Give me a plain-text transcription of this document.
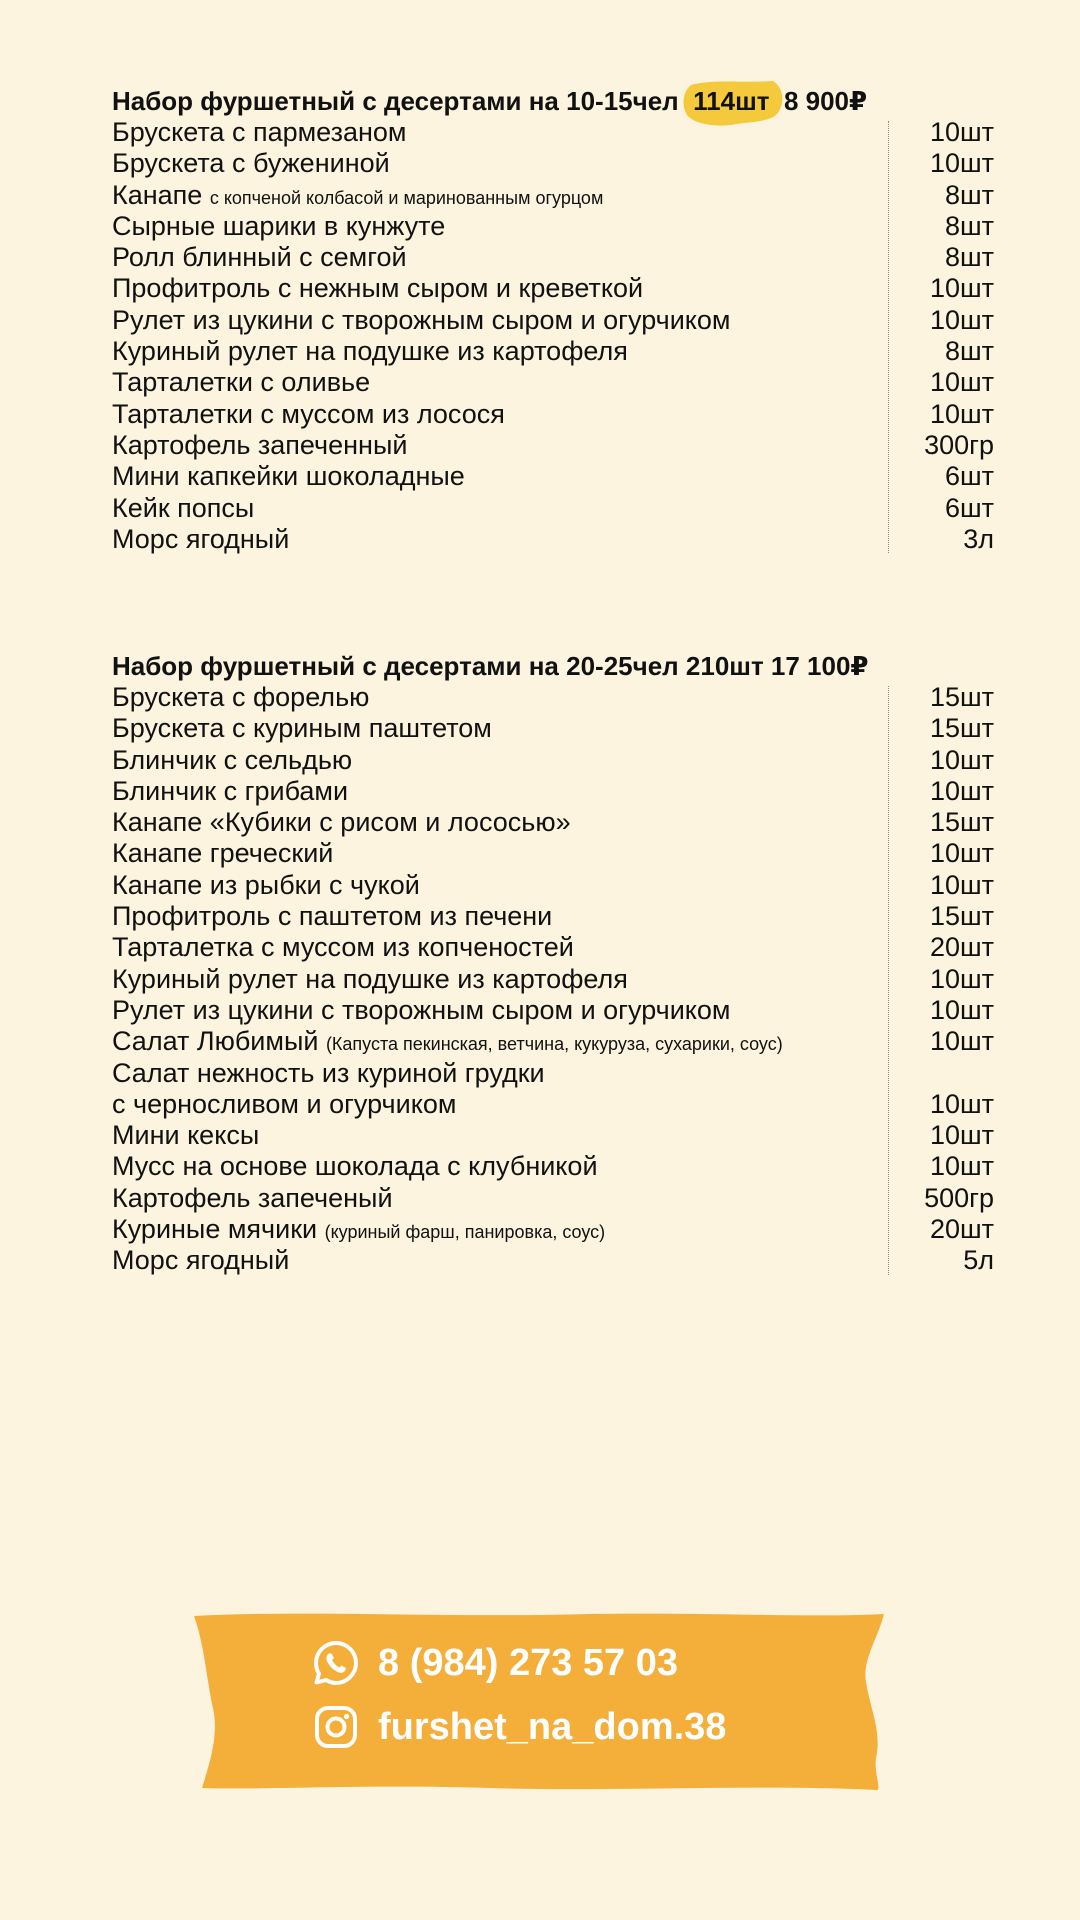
Набор фуршетный с десертами на 10-15чел 114шт 8 900₽
Брускета с пармезаном	10шт
Брускета с бужениной	10шт
Канапе с копченой колбасой и маринованным огурцом	8шт
Сырные шарики в кунжуте	8шт
Ролл блинный с семгой	8шт
Профитроль с нежным сыром и креветкой	10шт
Рулет из цукини с творожным сыром и огурчиком	10шт
Куриный рулет на подушке из картофеля	8шт
Тарталетки с оливье	10шт
Тарталетки с муссом из лосося	10шт
Картофель запеченный	300гр
Мини капкейки шоколадные	6шт
Кейк попсы	6шт
Морс ягодный	3л
Набор фуршетный с десертами на 20-25чел 210шт 17 100₽
Брускета с форелью	15шт
Брускета с куриным паштетом	15шт
Блинчик с сельдью	10шт
Блинчик с грибами	10шт
Канапе «Кубики с рисом и лососью»	15шт
Канапе греческий	10шт
Канапе из рыбки с чукой	10шт
Профитроль с паштетом из печени	15шт
Тарталетка с муссом из копченостей	20шт
Куриный рулет на подушке из картофеля	10шт
Рулет из цукини с творожным сыром и огурчиком	10шт
Салат Любимый (Капуста пекинская, ветчина, кукуруза, сухарики, соус)	10шт
Салат нежность из куриной грудки
с черносливом и огурчиком	10шт
Мини кексы	10шт
Мусс на основе шоколада с клубникой	10шт
Картофель запеченый	500гр
Куриные мячики (куриный фарш, панировка, соус)	20шт
Морс ягодный	5л
8 (984) 273 57 03
furshet_na_dom.38
